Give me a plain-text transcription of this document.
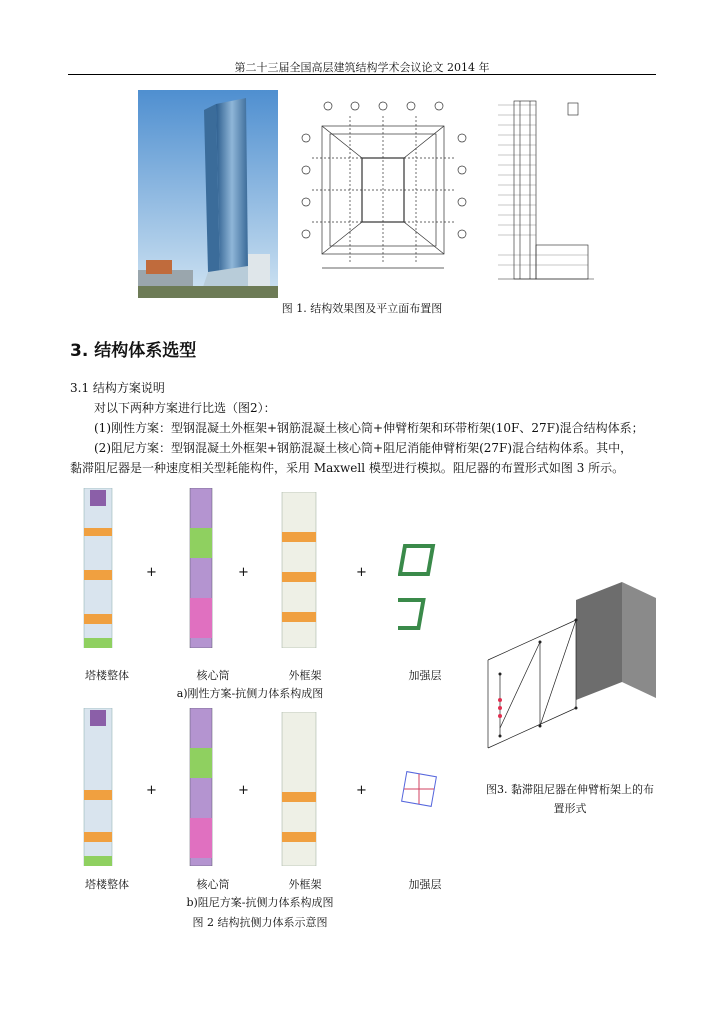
第二十三届全国高层建筑结构学术会议论文 2014 年
图 1. 结构效果图及平立面布置图
3. 结构体系选型
3.1 结构方案说明
对以下两种方案进行比选（图2）：
(1)刚性方案：型钢混凝土外框架+钢筋混凝土核心筒+伸臂桁架和环带桁架(10F、27F)混合结构体系；
(2)阻尼方案：型钢混凝土外框架+钢筋混凝土核心筒+阻尼消能伸臂桁架(27F)混合结构体系。其中，
黏滞阻尼器是一种速度相关型耗能构件，采用 Maxwell 模型进行模拟。阻尼器的布置形式如图 3 所示。
+	+	+
塔楼整体	核心筒	外框架	加强层
a)刚性方案-抗侧力体系构成图
+	+	+
塔楼整体	核心筒	外框架	加强层
b)阻尼方案-抗侧力体系构成图
图 2 结构抗侧力体系示意图
图3. 黏滞阻尼器在伸臂桁架上的布
置形式
